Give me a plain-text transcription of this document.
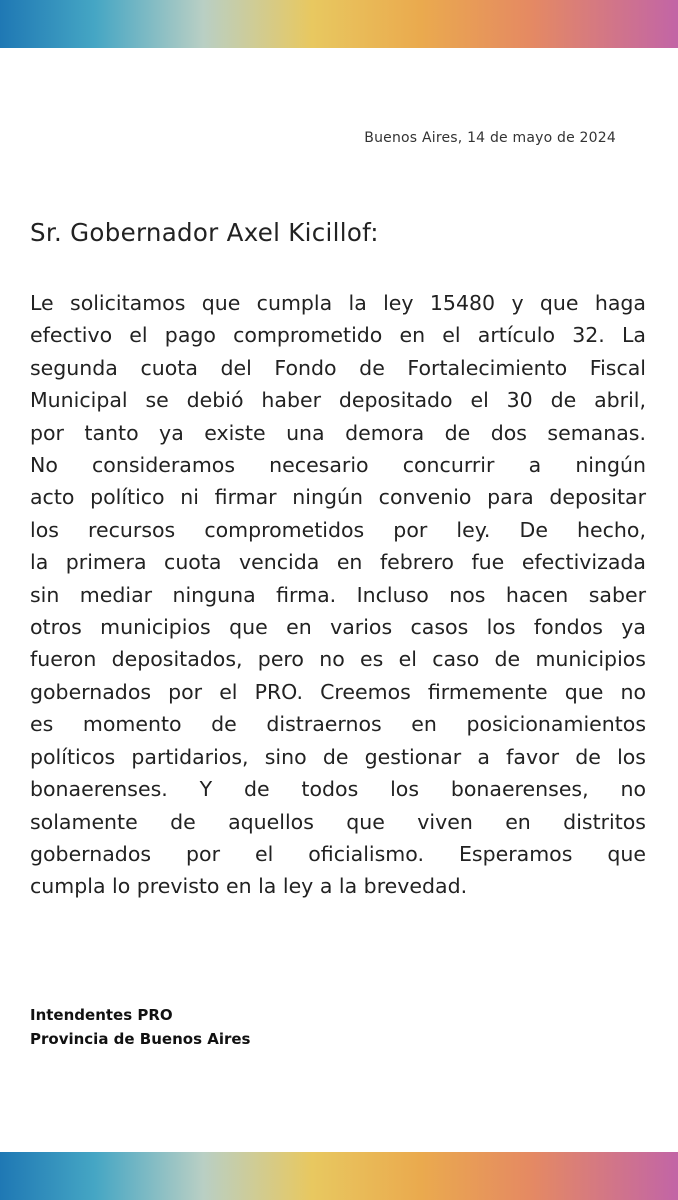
Buenos Aires, 14 de mayo de 2024
Sr. Gobernador Axel Kicillof:

Le solicitamos que cumpla la ley 15480 y que haga
efectivo el pago comprometido en el artículo 32. La
segunda cuota del Fondo de Fortalecimiento Fiscal
Municipal se debió haber depositado el 30 de abril,
por tanto ya existe una demora de dos semanas.
No consideramos necesario concurrir a ningún
acto político ni firmar ningún convenio para depositar
los recursos comprometidos por ley. De hecho,
la primera cuota vencida en febrero fue efectivizada
sin mediar ninguna firma. Incluso nos hacen saber
otros municipios que en varios casos los fondos ya
fueron depositados, pero no es el caso de municipios
gobernados por el PRO. Creemos firmemente que no
es momento de distraernos en posicionamientos
políticos partidarios, sino de gestionar a favor de los
bonaerenses. Y de todos los bonaerenses, no
solamente de aquellos que viven en distritos
gobernados por el oficialismo. Esperamos que
cumpla lo previsto en la ley a la brevedad.

Intendentes PRO
Provincia de Buenos Aires
